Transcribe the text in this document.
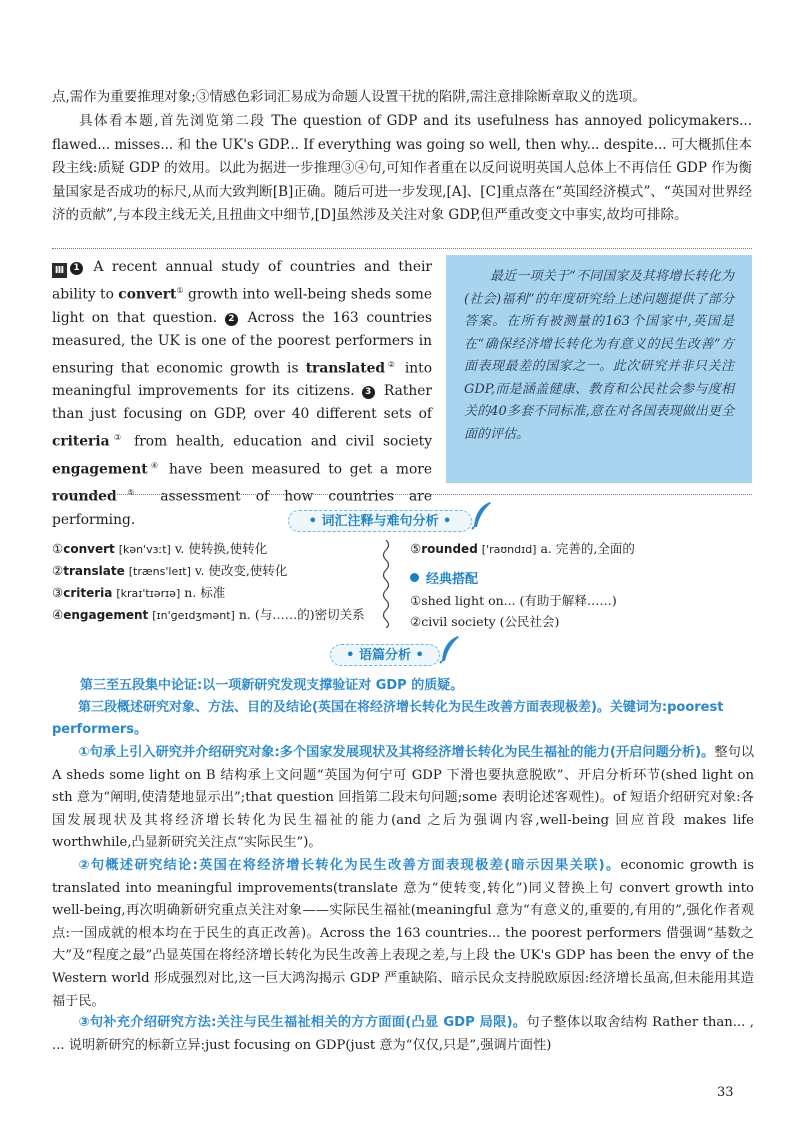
点,需作为重要推理对象;③情感色彩词汇易成为命题人设置干扰的陷阱,需注意排除断章取义的选项。

具体看本题,首先浏览第二段 The question of GDP and its usefulness has annoyed policymakers... flawed... misses... 和 the UK's GDP... If everything was going so well, then why... despite... 可大概抓住本段主线:质疑 GDP 的效用。以此为据进一步推理③④句,可知作者重在以反问说明英国人总体上不再信任 GDP 作为衡量国家是否成功的标尺,从而大致判断[B]正确。随后可进一步发现,[A]、[C]重点落在“英国经济模式”、“英国对世界经济的贡献”,与本段主线无关,且扭曲文中细节,[D]虽然涉及关注对象 GDP,但严重改变文中事实,故均可排除。

Ⅲ 1 A recent annual study of countries and their ability to convert① growth into well-being sheds some light on that question. 2 Across the 163 countries measured, the UK is one of the poorest performers in ensuring that economic growth is translated② into meaningful improvements for its citizens. 3 Rather than just focusing on GDP, over 40 different sets of criteria③ from health, education and civil society engagement④ have been measured to get a more rounded⑤ assessment of how countries are performing.
最近一项关于“不同国家及其将增长转化为(社会)福利”的年度研究给上述问题提供了部分答案。在所有被测量的163个国家中,英国是在“确保经济增长转化为有意义的民生改善”方面表现最差的国家之一。此次研究并非只关注GDP,而是涵盖健康、教育和公民社会参与度相关的40多套不同标准,意在对各国表现做出更全面的评估。
• 词汇注释与难句分析 •
①convert [kən'vɜːt] v. 使转换,使转化
②translate [træns'leɪt] v. 使改变,使转化
③criteria [kraɪ'tɪərɪə] n. 标准
④engagement [ɪn'ɡeɪdʒmənt] n. (与……的)密切关系
⑤rounded ['raʊndɪd] a. 完善的,全面的
经典搭配
①shed light on... (有助于解释……)
②civil society (公民社会)
• 语篇分析 •
第三至五段集中论证:以一项新研究发现支撑验证对 GDP 的质疑。
第三段概述研究对象、方法、目的及结论(英国在将经济增长转化为民生改善方面表现极差)。关键词为:poorest performers。

①句承上引入研究并介绍研究对象:多个国家发展现状及其将经济增长转化为民生福祉的能力(开启问题分析)。整句以 A sheds some light on B 结构承上文问题“英国为何宁可 GDP 下滑也要执意脱欧”、开启分析环节(shed light on sth 意为“阐明,使清楚地显示出”;that question 回指第二段末句问题;some 表明论述客观性)。of 短语介绍研究对象:各国发展现状及其将经济增长转化为民生福祉的能力(and 之后为强调内容,well-being 回应首段 makes life worthwhile,凸显新研究关注点“实际民生”)。

②句概述研究结论:英国在将经济增长转化为民生改善方面表现极差(暗示因果关联)。economic growth is translated into meaningful improvements(translate 意为“使转变,转化”)同义替换上句 convert growth into well-being,再次明确新研究重点关注对象——实际民生福祉(meaningful 意为“有意义的,重要的,有用的”,强化作者观点:一国成就的根本均在于民生的真正改善)。Across the 163 countries... the poorest performers 借强调“基数之大”及“程度之最”凸显英国在将经济增长转化为民生改善上表现之差,与上段 the UK's GDP has been the envy of the Western world 形成强烈对比,这一巨大鸿沟揭示 GDP 严重缺陷、暗示民众支持脱欧原因:经济增长虽高,但未能用其造福于民。

③句补充介绍研究方法:关注与民生福祉相关的方方面面(凸显 GDP 局限)。句子整体以取舍结构 Rather than... , ... 说明新研究的标新立异:just focusing on GDP(just 意为“仅仅,只是”,强调片面性)

33
